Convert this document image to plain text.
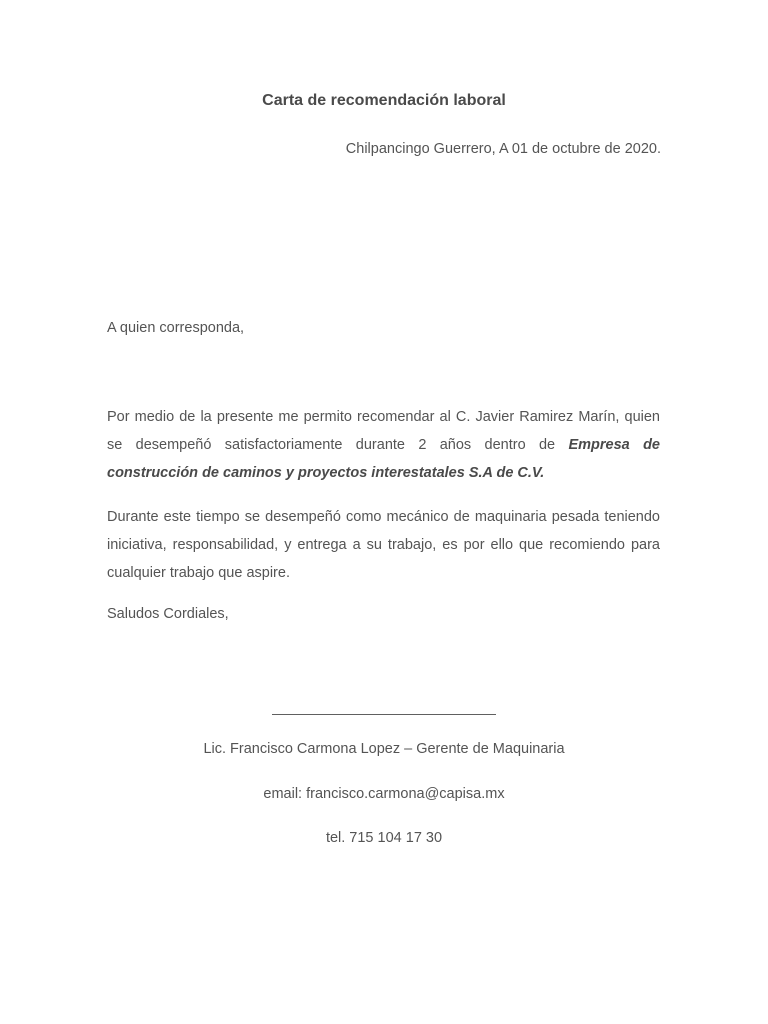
Carta de recomendación laboral

Chilpancingo Guerrero, A 01 de octubre de 2020.

A quien corresponda,

Por medio de la presente me permito recomendar al C. Javier Ramirez Marín, quien se desempeñó satisfactoriamente durante 2 años dentro de Empresa de construcción de caminos y proyectos interestatales S.A de C.V.

Durante este tiempo se desempeñó como mecánico de maquinaria pesada teniendo iniciativa, responsabilidad, y entrega a su trabajo, es por ello que recomiendo para cualquier trabajo que aspire.

Saludos Cordiales,

Lic. Francisco Carmona Lopez – Gerente de Maquinaria

email: francisco.carmona@capisa.mx

tel. 715 104 17 30
